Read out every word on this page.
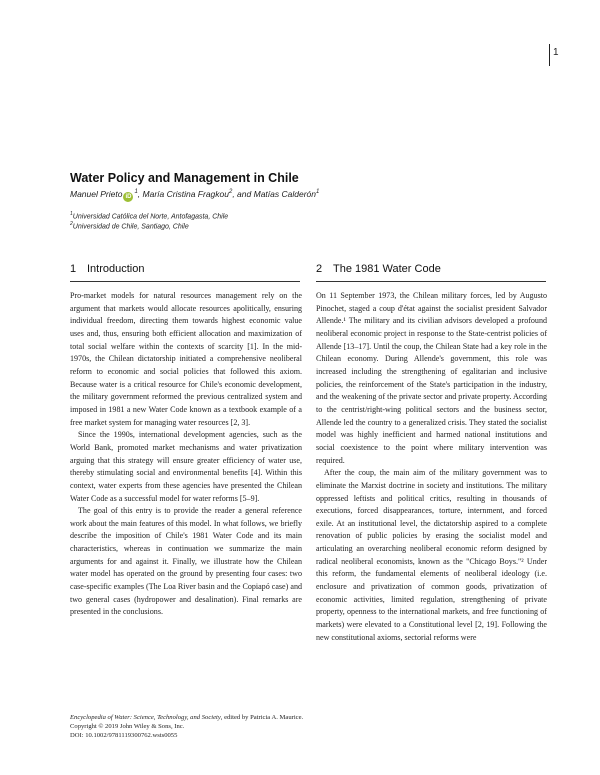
1
Water Policy and Management in Chile
Manuel Prieto $iD^1$, María Cristina Fragkou$^2$, and Matías Calderón$^1$
$^1$Universidad Católica del Norte, Antofagasta, Chile
$^2$Universidad de Chile, Santiago, Chile
1 Introduction	2 The 1981 Water Code

Pro-market models for natural resources management rely on the argument that markets would allocate resources apolitically, ensuring individual freedom, directing them towards highest economic value uses and, thus, ensuring both efficient allocation and maximization of total social welfare within the contexts of scarcity [1]. In the mid-1970s, the Chilean dictatorship initiated a comprehensive neoliberal reform to economic and social policies that followed this axiom. Because water is a critical resource for Chile's economic development, the military government reformed the previous centralized system and imposed in 1981 a new Water Code known as a textbook example of a free market system for managing water resources [2, 3].

Since the 1990s, international development agencies, such as the World Bank, promoted market mechanisms and water privatization arguing that this strategy will ensure greater efficiency of water use, thereby stimulating social and environmental benefits [4]. Within this context, water experts from these agencies have presented the Chilean Water Code as a successful model for water reforms [5–9].

The goal of this entry is to provide the reader a general reference work about the main features of this model. In what follows, we briefly describe the imposition of Chile's 1981 Water Code and its main characteristics, whereas in continuation we summarize the main arguments for and against it. Finally, we illustrate how the Chilean water model has operated on the ground by presenting four cases: two case-specific examples (The Loa River basin and the Copiapó case) and two general cases (hydropower and desalination). Final remarks are presented in the conclusions.

On 11 September 1973, the Chilean military forces, led by Augusto Pinochet, staged a coup d'état against the socialist president Salvador Allende.¹ The military and its civilian advisors developed a profound neoliberal economic project in response to the State-centrist policies of Allende [13–17]. Until the coup, the Chilean State had a key role in the Chilean economy. During Allende's government, this role was increased including the strengthening of egalitarian and inclusive policies, the reinforcement of the State's participation in the industry, and the weakening of the private sector and private property. According to the centrist/right-wing political sectors and the business sector, Allende led the country to a generalized crisis. They stated the socialist model was highly inefficient and harmed national institutions and social coexistence to the point where military intervention was required.

After the coup, the main aim of the military government was to eliminate the Marxist doctrine in society and institutions. The military oppressed leftists and political critics, resulting in thousands of executions, forced disappearances, torture, internment, and forced exile. At an institutional level, the dictatorship aspired to a complete renovation of public policies by erasing the socialist model and articulating an overarching neoliberal economic reform designed by radical neoliberal economists, known as the "Chicago Boys."² Under this reform, the fundamental elements of neoliberal ideology (i.e. enclosure and privatization of common goods, privatization of economic activities, limited regulation, strengthening of private property, openness to the international markets, and free functioning of markets) were elevated to a Constitutional level [2, 19]. Following the new constitutional axioms, sectorial reforms were

Encyclopedia of Water: Science, Technology, and Society, edited by Patricia A. Maurice.
Copyright © 2019 John Wiley & Sons, Inc.
DOI: 10.1002/9781119300762.wsts0055
